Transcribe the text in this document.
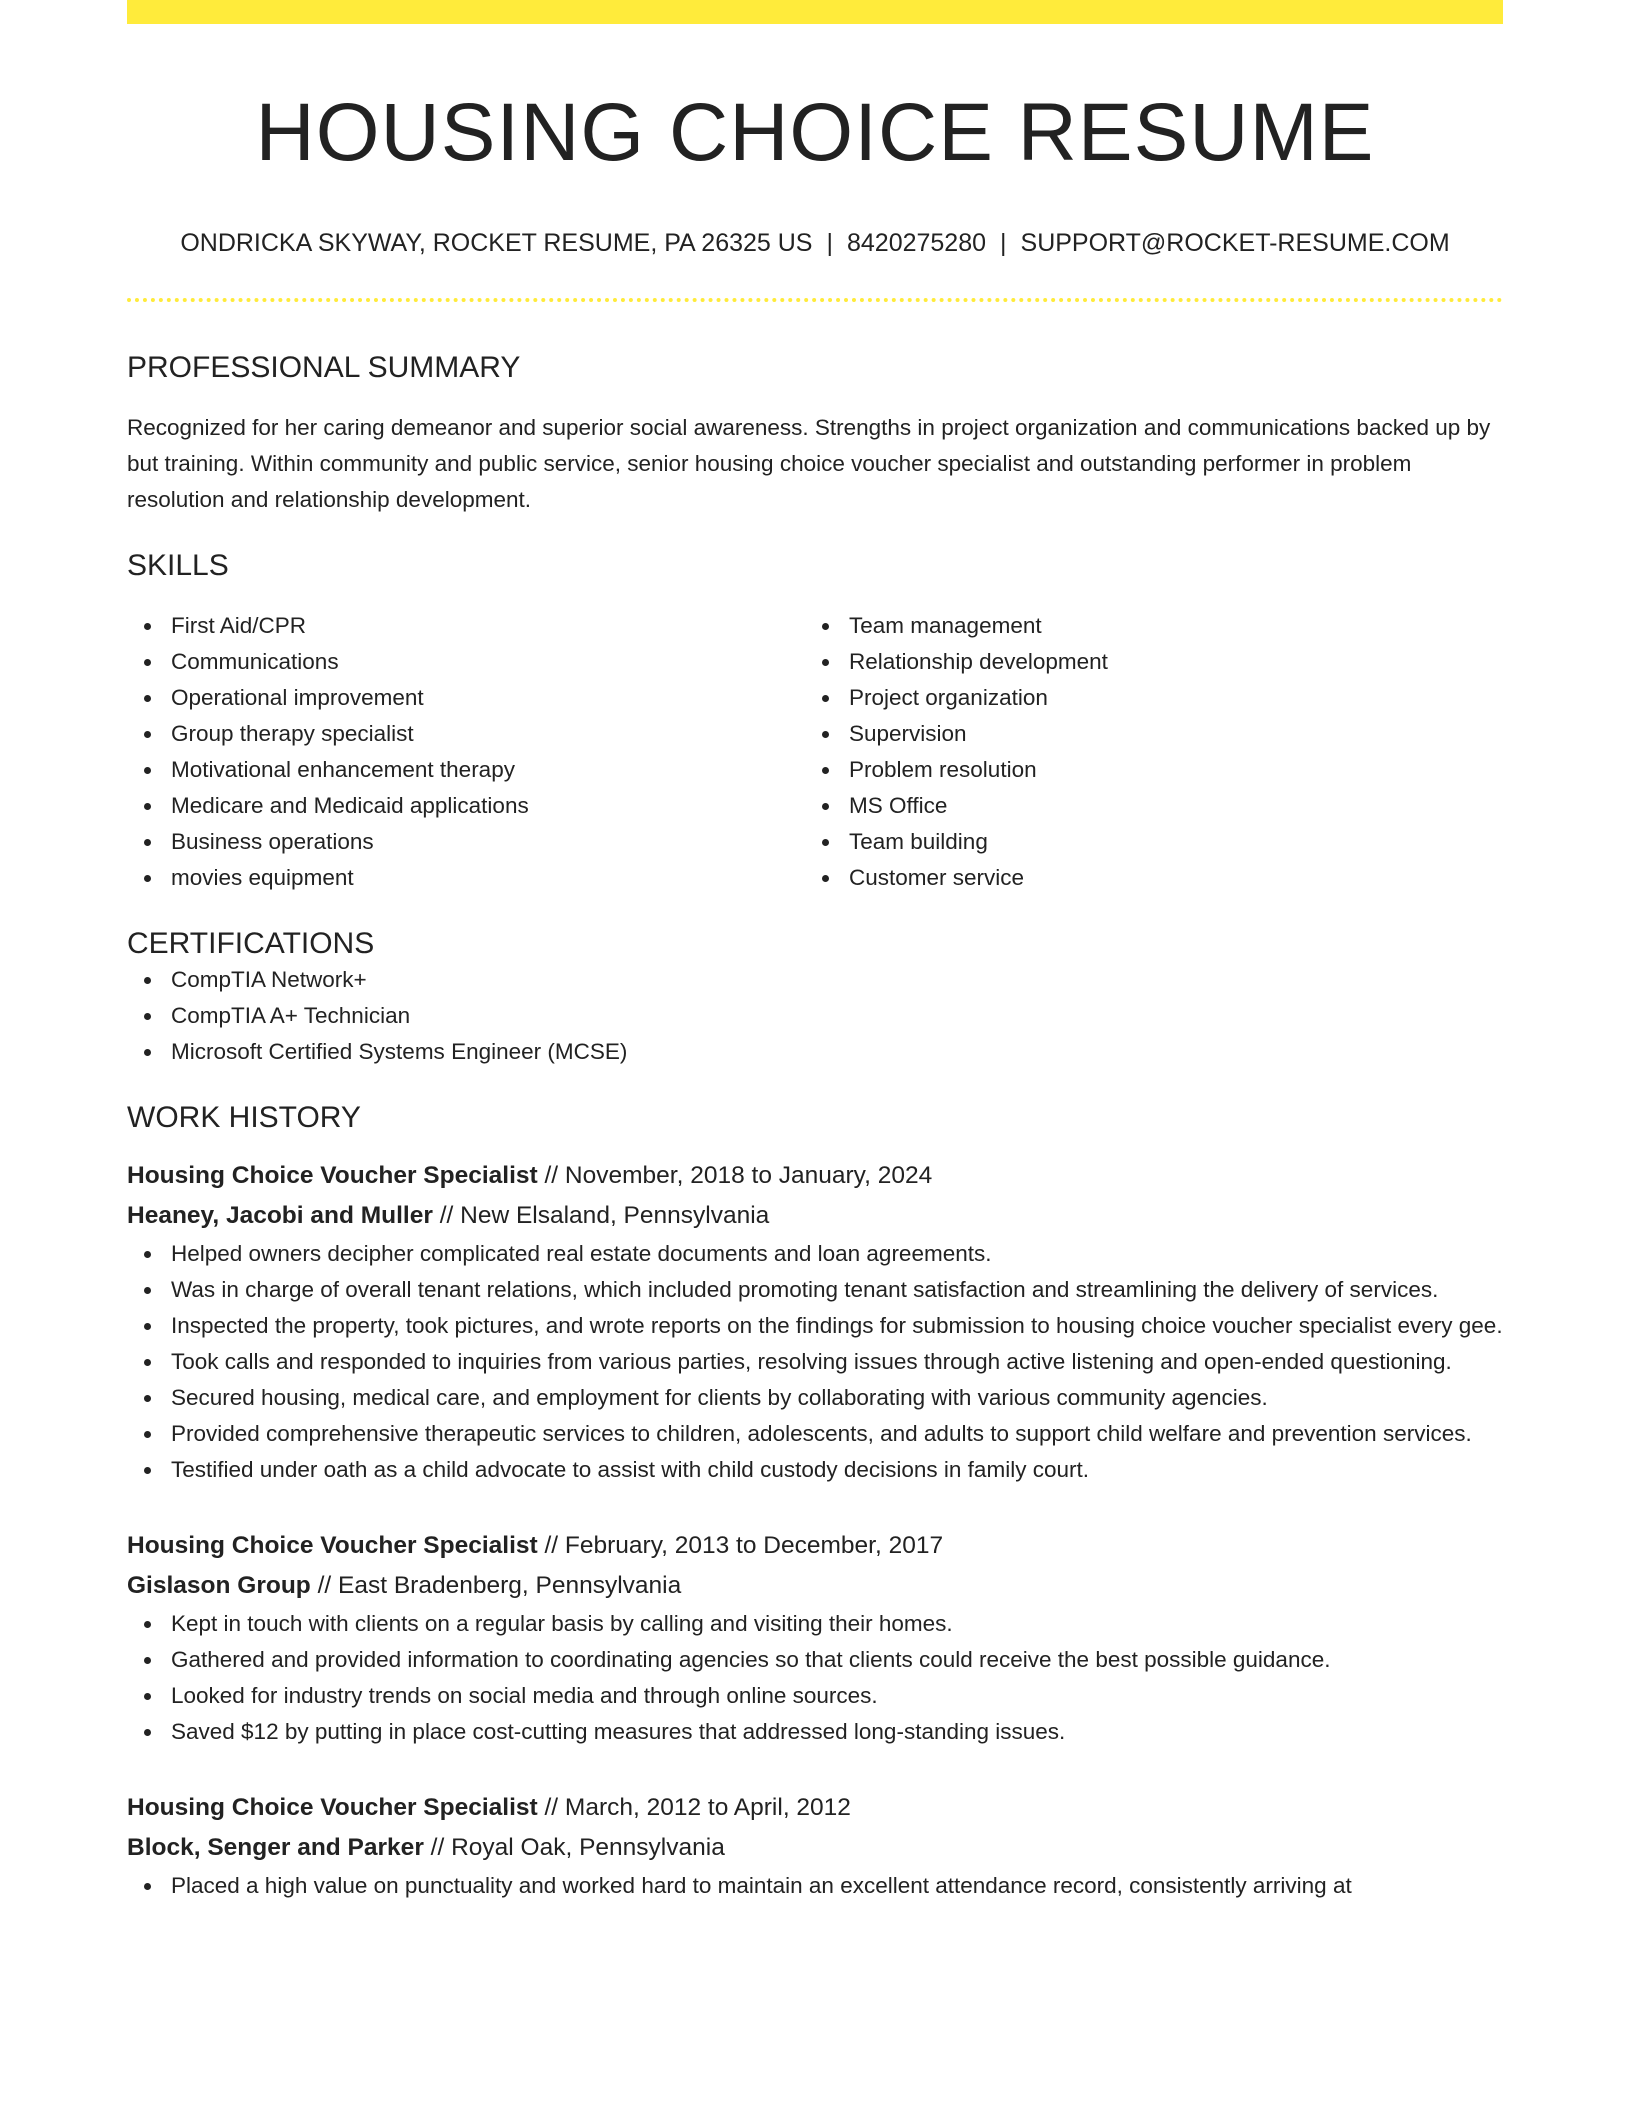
HOUSING CHOICE RESUME
ONDRICKA SKYWAY, ROCKET RESUME, PA 26325 US | 8420275280 | SUPPORT@ROCKET-RESUME.COM
PROFESSIONAL SUMMARY
Recognized for her caring demeanor and superior social awareness. Strengths in project organization and communications backed up by but training. Within community and public service, senior housing choice voucher specialist and outstanding performer in problem resolution and relationship development.
SKILLS
First Aid/CPR
Communications
Operational improvement
Group therapy specialist
Motivational enhancement therapy
Medicare and Medicaid applications
Business operations
movies equipment
Team management
Relationship development
Project organization
Supervision
Problem resolution
MS Office
Team building
Customer service
CERTIFICATIONS
CompTIA Network+
CompTIA A+ Technician
Microsoft Certified Systems Engineer (MCSE)
WORK HISTORY
Housing Choice Voucher Specialist // November, 2018 to January, 2024
Heaney, Jacobi and Muller // New Elsaland, Pennsylvania
Helped owners decipher complicated real estate documents and loan agreements.
Was in charge of overall tenant relations, which included promoting tenant satisfaction and streamlining the delivery of services.
Inspected the property, took pictures, and wrote reports on the findings for submission to housing choice voucher specialist every gee.
Took calls and responded to inquiries from various parties, resolving issues through active listening and open-ended questioning.
Secured housing, medical care, and employment for clients by collaborating with various community agencies.
Provided comprehensive therapeutic services to children, adolescents, and adults to support child welfare and prevention services.
Testified under oath as a child advocate to assist with child custody decisions in family court.
Housing Choice Voucher Specialist // February, 2013 to December, 2017
Gislason Group // East Bradenberg, Pennsylvania
Kept in touch with clients on a regular basis by calling and visiting their homes.
Gathered and provided information to coordinating agencies so that clients could receive the best possible guidance.
Looked for industry trends on social media and through online sources.
Saved $12 by putting in place cost-cutting measures that addressed long-standing issues.
Housing Choice Voucher Specialist // March, 2012 to April, 2012
Block, Senger and Parker // Royal Oak, Pennsylvania
Placed a high value on punctuality and worked hard to maintain an excellent attendance record, consistently arriving at
